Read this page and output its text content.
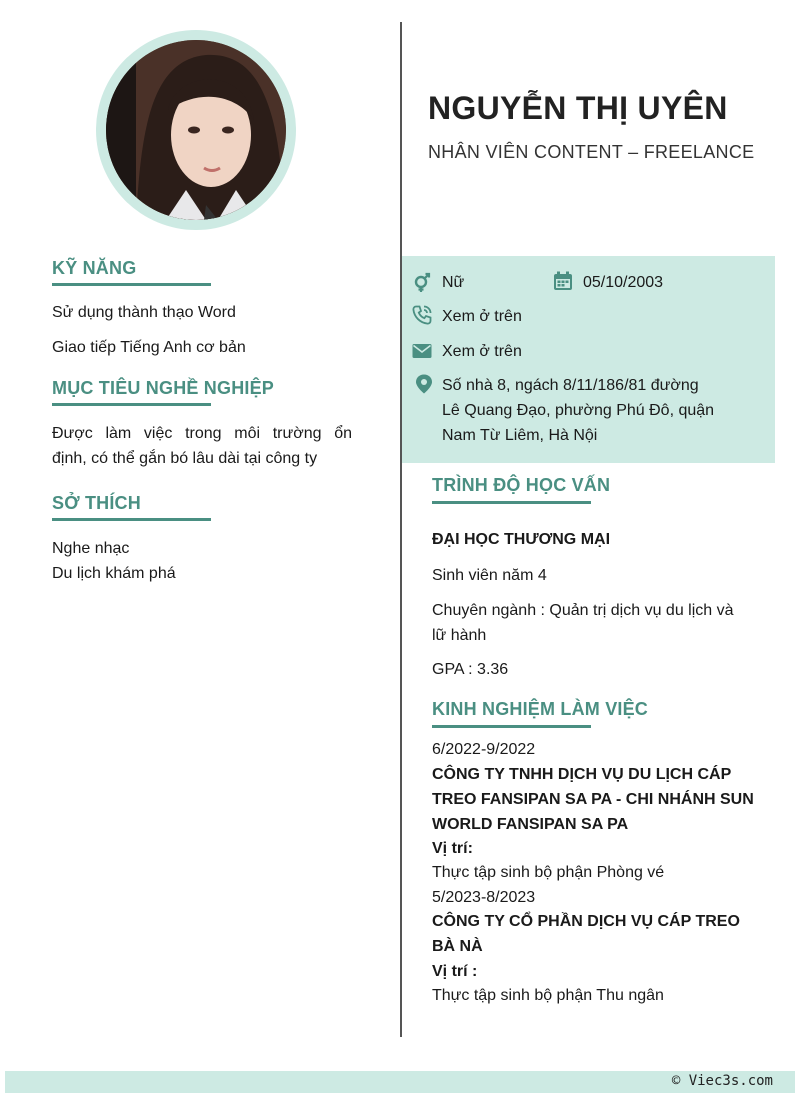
KỸ NĂNG
Sử dụng thành thạo Word
Giao tiếp Tiếng Anh cơ bản
MỤC TIÊU NGHỀ NGHIỆP
Được làm việc trong môi trường ổn
định, có thể gắn bó lâu dài tại công ty
SỞ THÍCH
Nghe nhạc
Du lịch khám phá
NGUYỄN THỊ UYÊN
NHÂN VIÊN CONTENT – FREELANCE
Nữ	05/10/2003
Xem ở trên
Xem ở trên
Số nhà 8, ngách 8/11/186/81 đường
Lê Quang Đạo, phường Phú Đô, quận
Nam Từ Liêm, Hà Nội
TRÌNH ĐỘ HỌC VẤN
ĐẠI HỌC THƯƠNG MẠI
Sinh viên năm 4
Chuyên ngành : Quản trị dịch vụ du lịch và
lữ hành
GPA : 3.36
KINH NGHIỆM LÀM VIỆC
6/2022-9/2022
CÔNG TY TNHH DỊCH VỤ DU LỊCH CÁP
TREO FANSIPAN SA PA - CHI NHÁNH SUN
WORLD FANSIPAN SA PA
Vị trí:
Thực tập sinh bộ phận Phòng vé
5/2023-8/2023
CÔNG TY CỔ PHẦN DỊCH VỤ CÁP TREO
BÀ NÀ
Vị trí :
Thực tập sinh bộ phận Thu ngân
© Viec3s.com
